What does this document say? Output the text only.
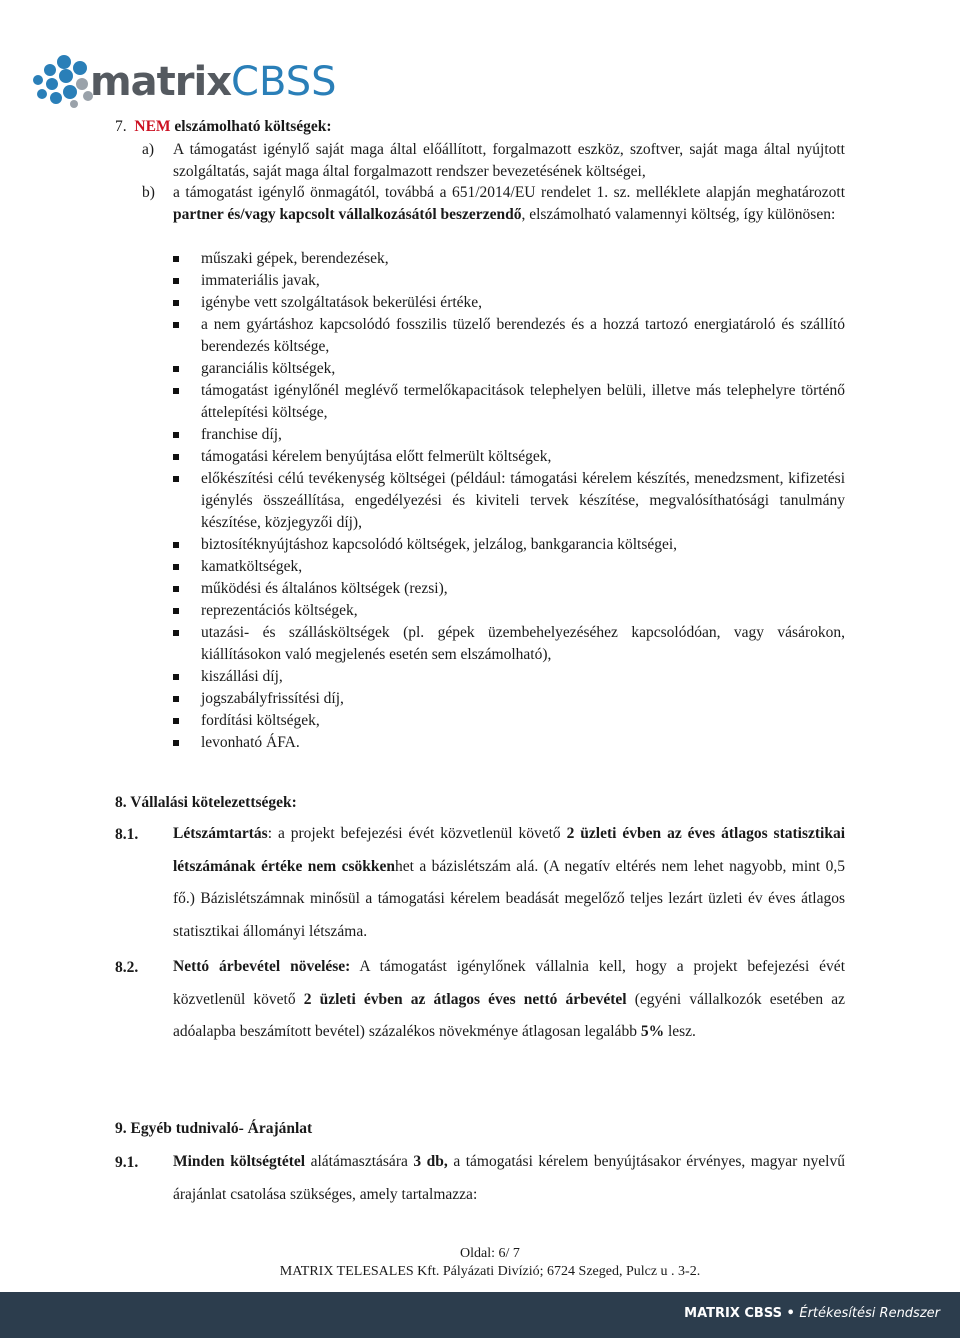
matrixCBSS
7. NEM elszámolható költségek:
a) A támogatást igénylő saját maga által előállított, forgalmazott eszköz, szoftver, saját maga által nyújtott szolgáltatás, saját maga által forgalmazott rendszer bevezetésének költségei,
b) a támogatást igénylő önmagától, továbbá a 651/2014/EU rendelet 1. sz. melléklete alapján meghatározott partner és/vagy kapcsolt vállalkozásától beszerzendő, elszámolható valamennyi költség, így különösen:
műszaki gépek, berendezések,
immateriális javak,
igénybe vett szolgáltatások bekerülési értéke,
a nem gyártáshoz kapcsolódó fosszilis tüzelő berendezés és a hozzá tartozó energiatároló és szállító berendezés költsége,
garanciális költségek,
támogatást igénylőnél meglévő termelőkapacitások telephelyen belüli, illetve más telephelyre történő áttelepítési költsége,
franchise díj,
támogatási kérelem benyújtása előtt felmerült költségek,
előkészítési célú tevékenység költségei (például: támogatási kérelem készítés, menedzsment, kifizetési igénylés összeállítása, engedélyezési és kiviteli tervek készítése, megvalósíthatósági tanulmány készítése, közjegyzői díj),
biztosítéknyújtáshoz kapcsolódó költségek, jelzálog, bankgarancia költségei,
kamatköltségek,
működési és általános költségek (rezsi),
reprezentációs költségek,
utazási- és szállásköltségek (pl. gépek üzembehelyezéséhez kapcsolódóan, vagy vásárokon, kiállításokon való megjelenés esetén sem elszámolható),
kiszállási díj,
jogszabályfrissítési díj,
fordítási költségek,
levonható ÁFA.
8. Vállalási kötelezettségek:
8.1. Létszámtartás: a projekt befejezési évét közvetlenül követő 2 üzleti évben az éves átlagos statisztikai létszámának értéke nem csökkenhet a bázislétszám alá. (A negatív eltérés nem lehet nagyobb, mint 0,5 fő.) Bázislétszámnak minősül a támogatási kérelem beadását megelőző teljes lezárt üzleti év éves átlagos statisztikai állományi létszáma.
8.2. Nettó árbevétel növelése: A támogatást igénylőnek vállalnia kell, hogy a projekt befejezési évét közvetlenül követő 2 üzleti évben az átlagos éves nettó árbevétel (egyéni vállalkozók esetében az adóalapba beszámított bevétel) százalékos növekménye átlagosan legalább 5% lesz.
9. Egyéb tudnivaló- Árajánlat
9.1. Minden költségtétel alátámasztására 3 db, a támogatási kérelem benyújtásakor érvényes, magyar nyelvű árajánlat csatolása szükséges, amely tartalmazza:
Oldal: 6/ 7
MATRIX TELESALES Kft. Pályázati Divízió; 6724 Szeged, Pulcz u . 3-2.
MATRIX CBSS • Értékesítési Rendszer
